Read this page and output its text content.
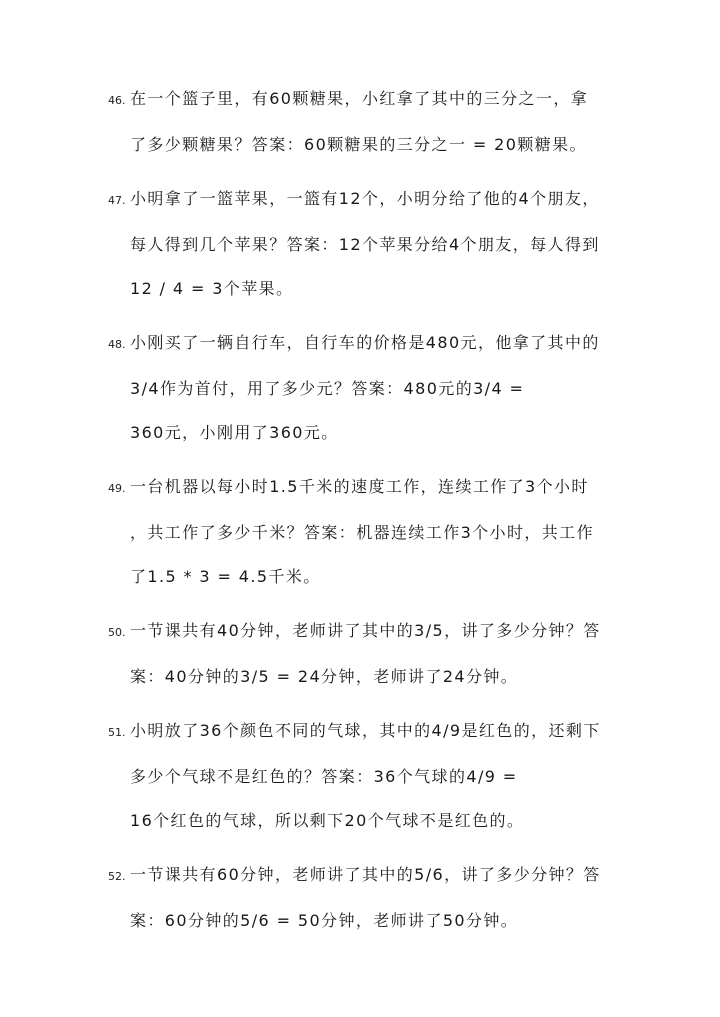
46. 在一个篮子里，有60颗糖果，小红拿了其中的三分之一，拿
了多少颗糖果？答案：60颗糖果的三分之一 = 20颗糖果。
47. 小明拿了一篮苹果，一篮有12个，小明分给了他的4个朋友，
每人得到几个苹果？答案：12个苹果分给4个朋友，每人得到
12 / 4 = 3个苹果。
48. 小刚买了一辆自行车，自行车的价格是480元，他拿了其中的
3/4作为首付，用了多少元？答案：480元的3/4 =
360元，小刚用了360元。
49. 一台机器以每小时1.5千米的速度工作，连续工作了3个小时
，共工作了多少千米？答案：机器连续工作3个小时，共工作
了1.5 * 3 = 4.5千米。
50. 一节课共有40分钟，老师讲了其中的3/5，讲了多少分钟？答
案：40分钟的3/5 = 24分钟，老师讲了24分钟。
51. 小明放了36个颜色不同的气球，其中的4/9是红色的，还剩下
多少个气球不是红色的？答案：36个气球的4/9 =
16个红色的气球，所以剩下20个气球不是红色的。
52. 一节课共有60分钟，老师讲了其中的5/6，讲了多少分钟？答
案：60分钟的5/6 = 50分钟，老师讲了50分钟。
